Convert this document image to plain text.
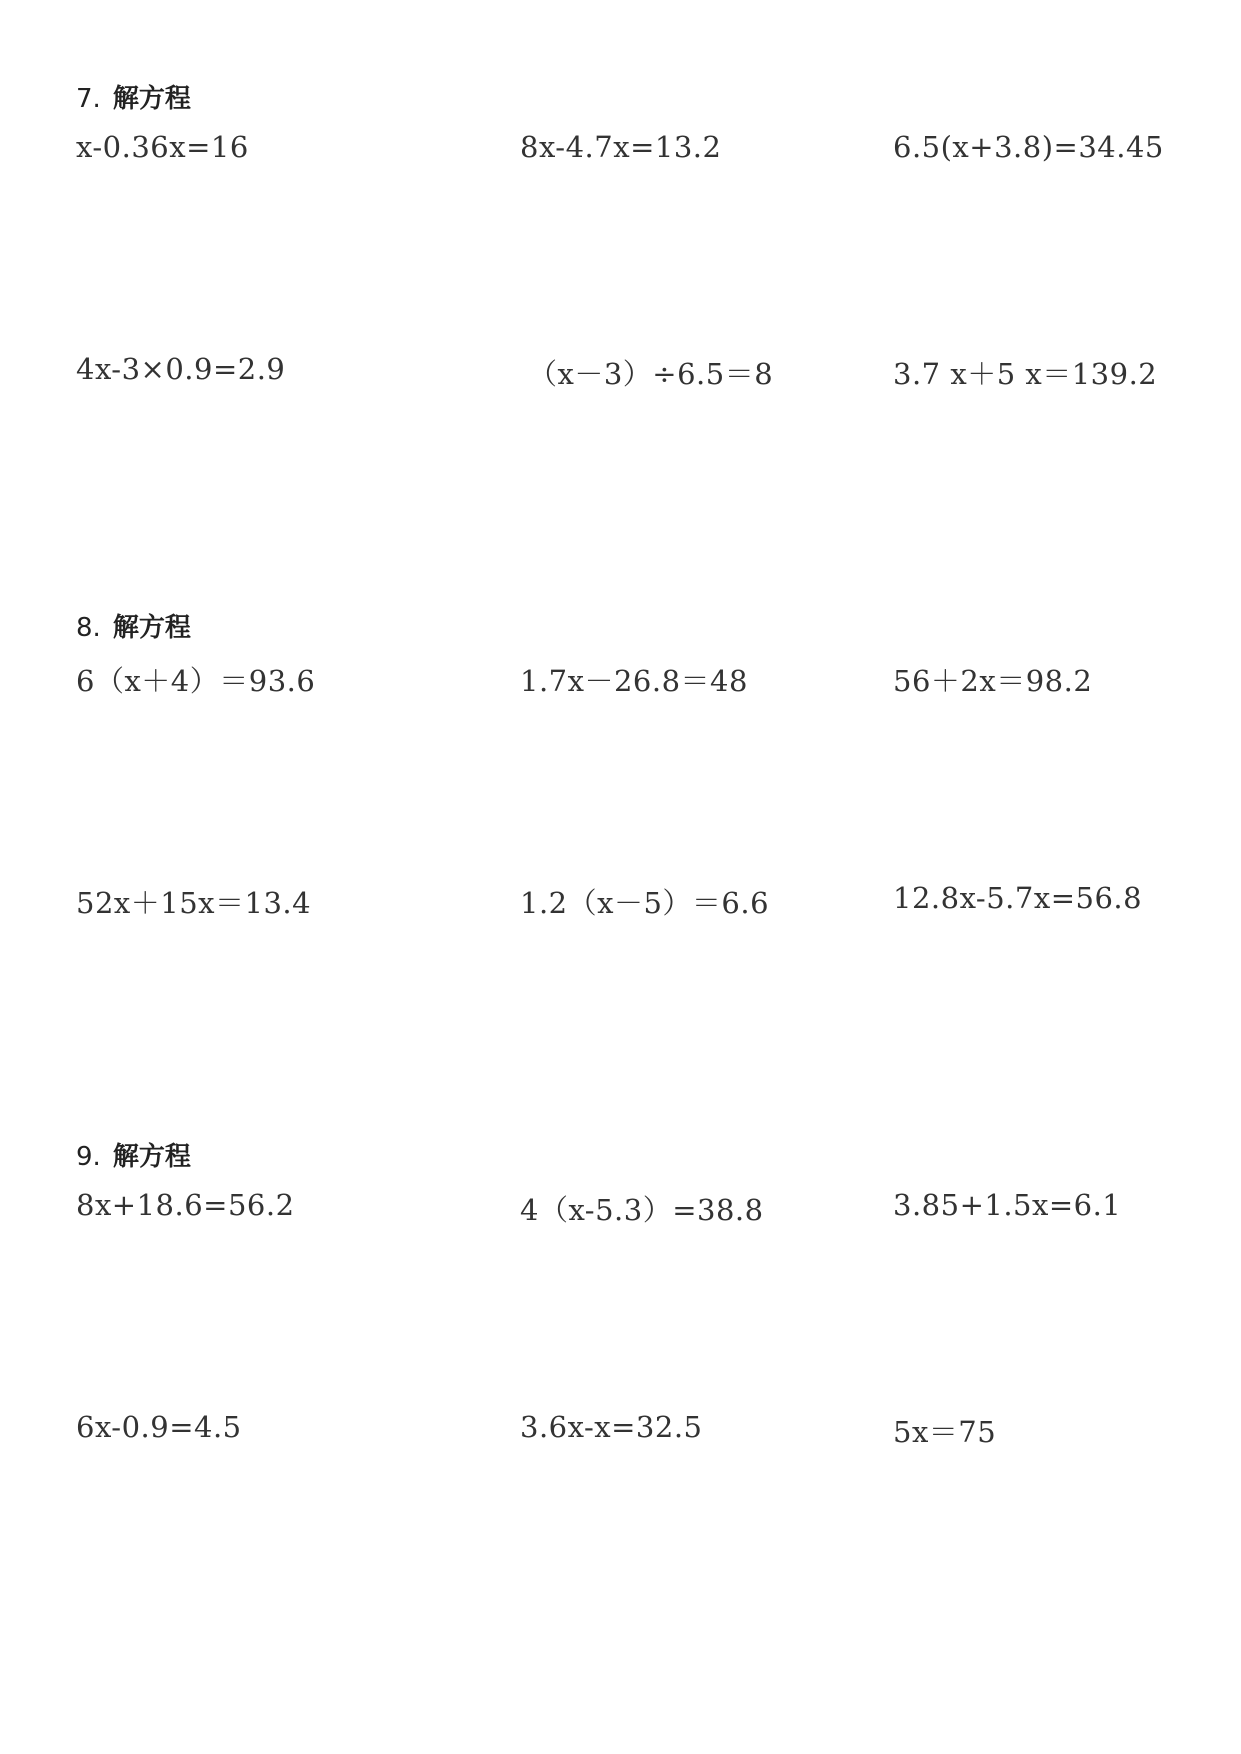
7. 解方程
x-0.36x=16	8x-4.7x=13.2	6.5(x+3.8)=34.45
4x-3×0.9=2.9	（x－3）÷6.5＝8	3.7 x＋5 x＝139.2
8. 解方程
6（x＋4）＝93.6	1.7x－26.8＝48	56＋2x＝98.2
52x＋15x＝13.4	1.2（x－5）＝6.6	12.8x-5.7x=56.8
9. 解方程
8x+18.6=56.2	4（x-5.3）=38.8	3.85+1.5x=6.1
6x-0.9=4.5	3.6x-x=32.5	5x＝75
